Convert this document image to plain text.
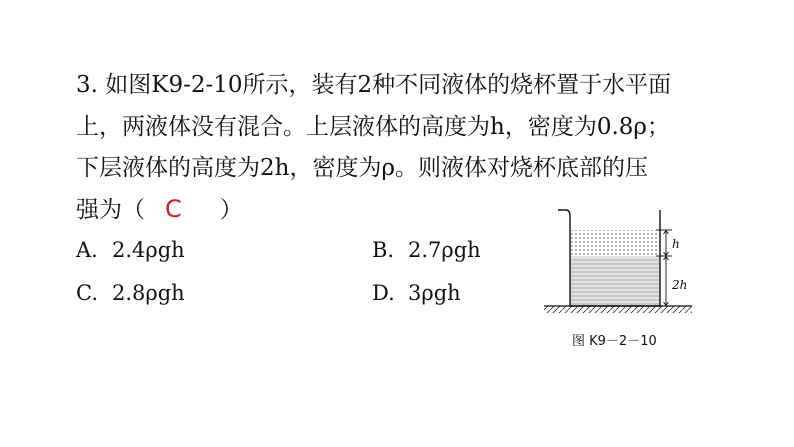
3. 如图K9-2-10所示，装有2种不同液体的烧杯置于水平面
上，两液体没有混合。上层液体的高度为h，密度为0.8ρ；
下层液体的高度为2h，密度为ρ。则液体对烧杯底部的压
强为（ C ）
A. 2.4ρgh	B. 2.7ρgh
C. 2.8ρgh	D. 3ρgh
h
2h
图 K9－2－10
